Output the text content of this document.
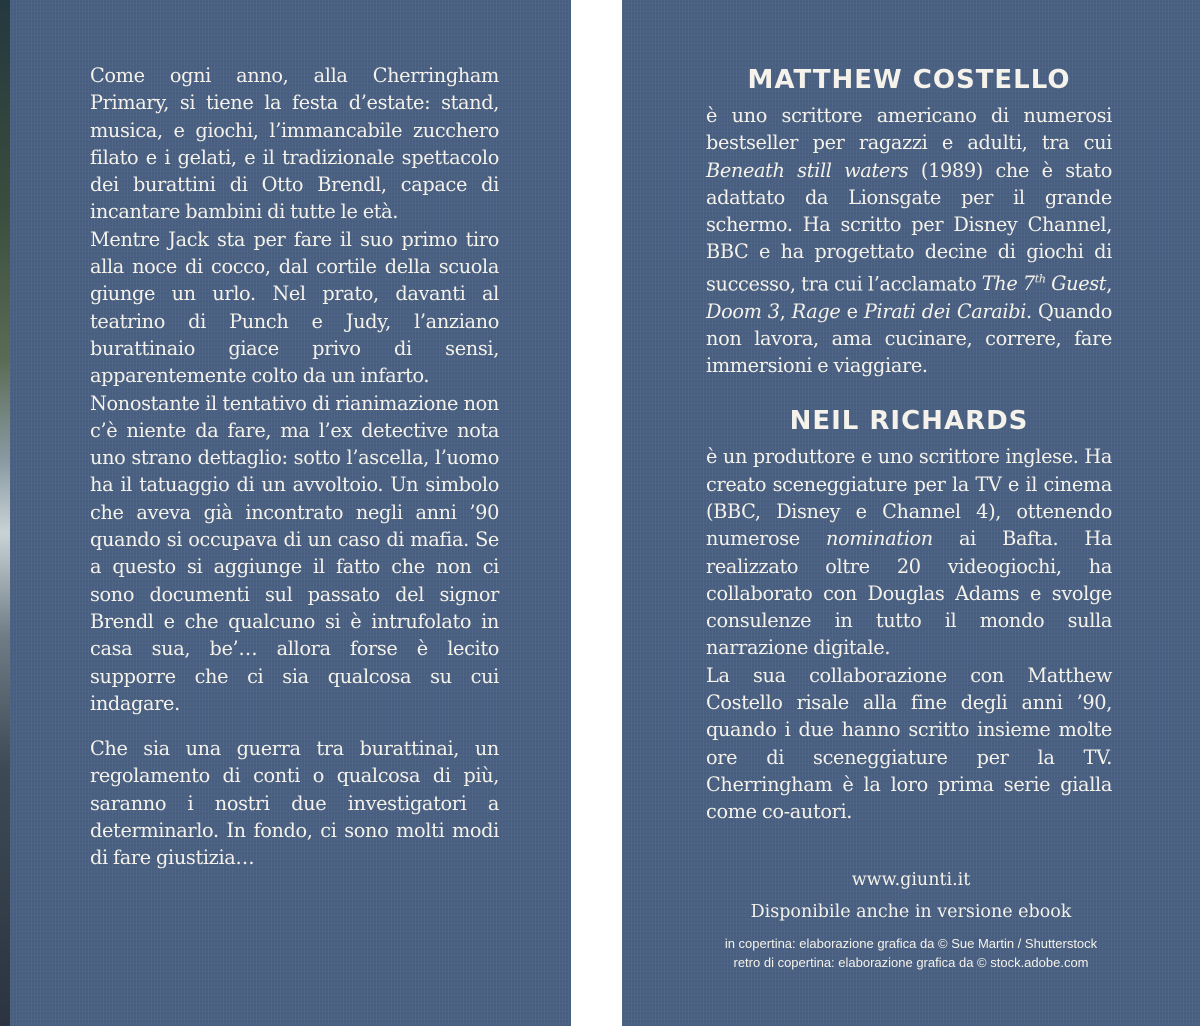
Come ogni anno, alla Cherringham Primary, si tiene la festa d’estate: stand, musica, e giochi, l’immancabile zucchero filato e i gelati, e il tradizionale spettacolo dei burattini di Otto Brendl, capace di incantare bambini di tutte le età.

Mentre Jack sta per fare il suo primo tiro alla noce di cocco, dal cortile della scuola giunge un urlo. Nel prato, davanti al teatrino di Punch e Judy, l’anziano burattinaio giace privo di sensi, apparentemente colto da un infarto.

Nonostante il tentativo di rianimazione non c’è niente da fare, ma l’ex detective nota uno strano dettaglio: sotto l’ascella, l’uomo ha il tatuaggio di un avvoltoio. Un simbolo che aveva già incontrato negli anni ’90 quando si occupava di un caso di mafia. Se a questo si aggiunge il fatto che non ci sono documenti sul passato del signor Brendl e che qualcuno si è intrufolato in casa sua, be’… allora forse è lecito supporre che ci sia qualcosa su cui indagare.

Che sia una guerra tra burattinai, un regolamento di conti o qualcosa di più, saranno i nostri due investigatori a determinarlo. In fondo, ci sono molti modi di fare giustizia…

MATTHEW COSTELLO

è uno scrittore americano di numerosi bestseller per ragazzi e adulti, tra cui Beneath still waters (1989) che è stato adattato da Lionsgate per il grande schermo. Ha scritto per Disney Channel, BBC e ha progettato decine di giochi di successo, tra cui l’acclamato The 7th Guest, Doom 3, Rage e Pirati dei Caraibi. Quando non lavora, ama cucinare, correre, fare immersioni e viaggiare.

NEIL RICHARDS

è un produttore e uno scrittore inglese. Ha creato sceneggiature per la TV e il cinema (BBC, Disney e Channel 4), ottenendo numerose nomination ai Bafta. Ha realizzato oltre 20 videogiochi, ha collaborato con Douglas Adams e svolge consulenze in tutto il mondo sulla narrazione digitale.

La sua collaborazione con Matthew Costello risale alla fine degli anni ’90, quando i due hanno scritto insieme molte ore di sceneggiature per la TV. Cherringham è la loro prima serie gialla come co-autori.

www.giunti.it

Disponibile anche in versione ebook

in copertina: elaborazione grafica da © Sue Martin / Shutterstock
retro di copertina: elaborazione grafica da © stock.adobe.com
